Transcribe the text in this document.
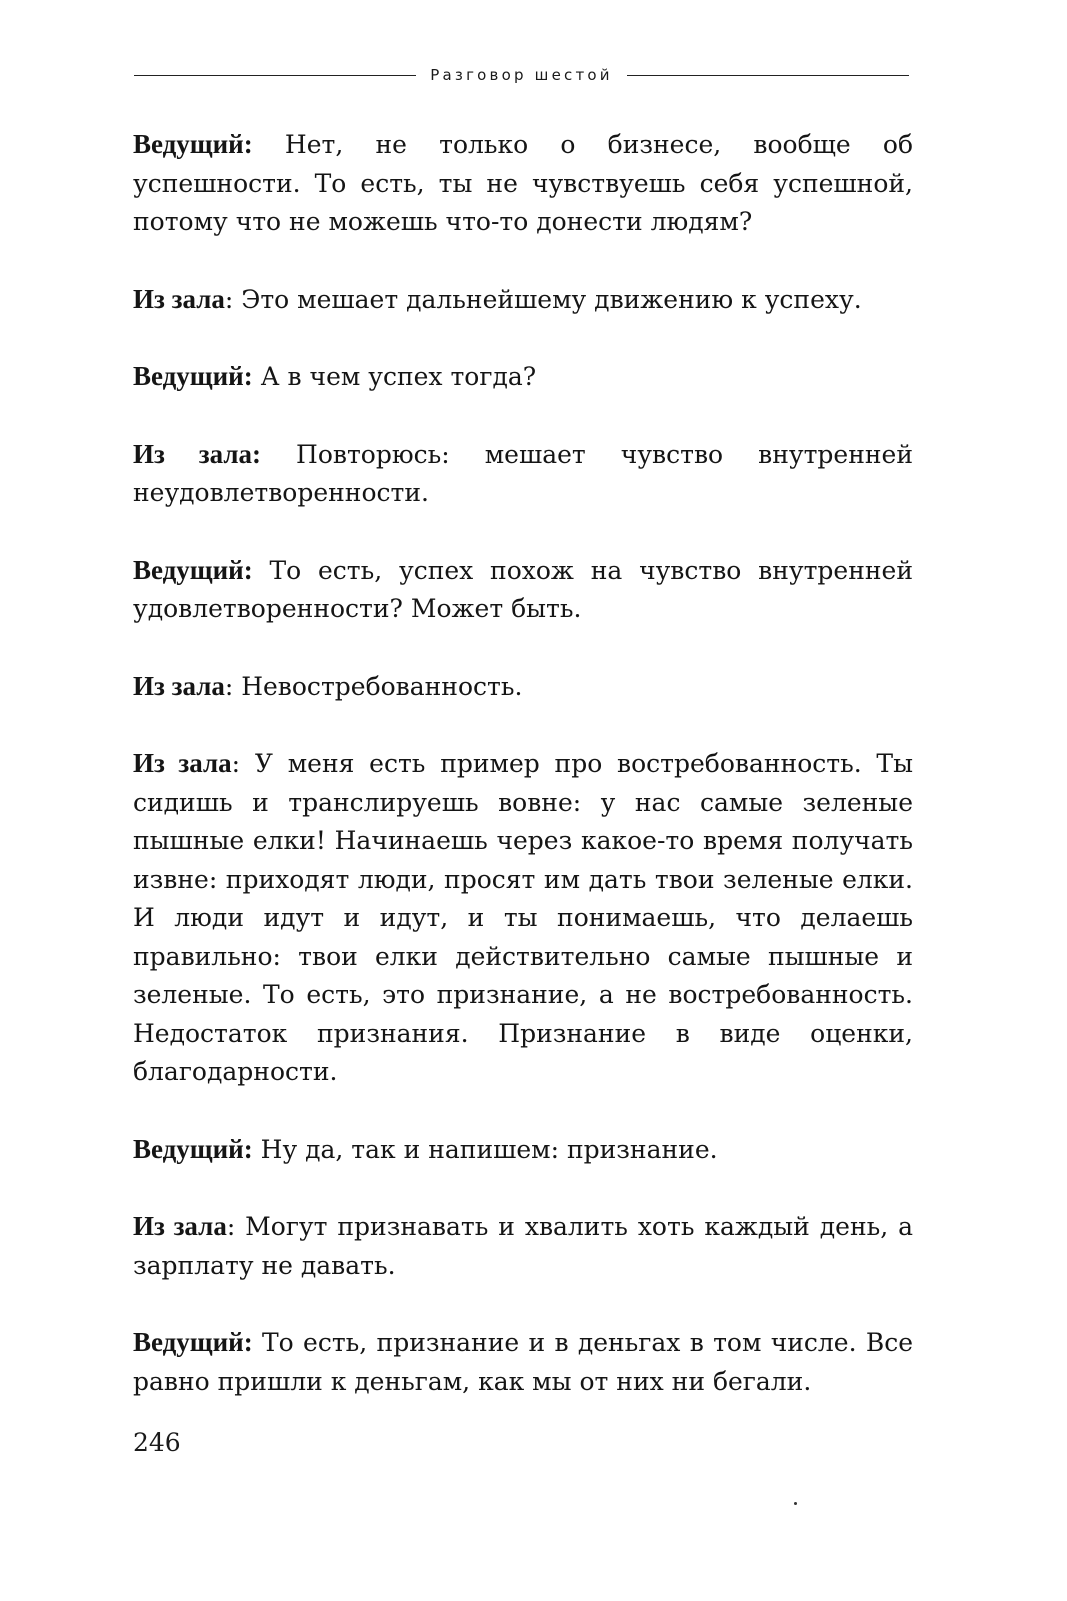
Разговор шестой

Ведущий: Нет, не только о бизнесе, вообще об успешности. То есть, ты не чувствуешь себя успешной, потому что не можешь что-то донести людям?

Из зала: Это мешает дальнейшему движению к успеху.

Ведущий: А в чем успех тогда?

Из зала: Повторюсь: мешает чувство внутренней неудовлетворенности.

Ведущий: То есть, успех похож на чувство внутренней удовлетворенности? Может быть.

Из зала: Невостребованность.

Из зала: У меня есть пример про востребованность. Ты сидишь и транслируешь вовне: у нас самые зеленые пышные елки! Начинаешь через какое-то время получать извне: приходят люди, просят им дать твои зеленые елки. И люди идут и идут, и ты понимаешь, что делаешь правильно: твои елки действительно самые пышные и зеленые. То есть, это признание, а не востребованность. Недостаток признания. Признание в виде оценки, благодарности.

Ведущий: Ну да, так и напишем: признание.

Из зала: Могут признавать и хвалить хоть каждый день, а зарплату не давать.

Ведущий: То есть, признание и в деньгах в том числе. Все равно пришли к деньгам, как мы от них ни бегали.

246
